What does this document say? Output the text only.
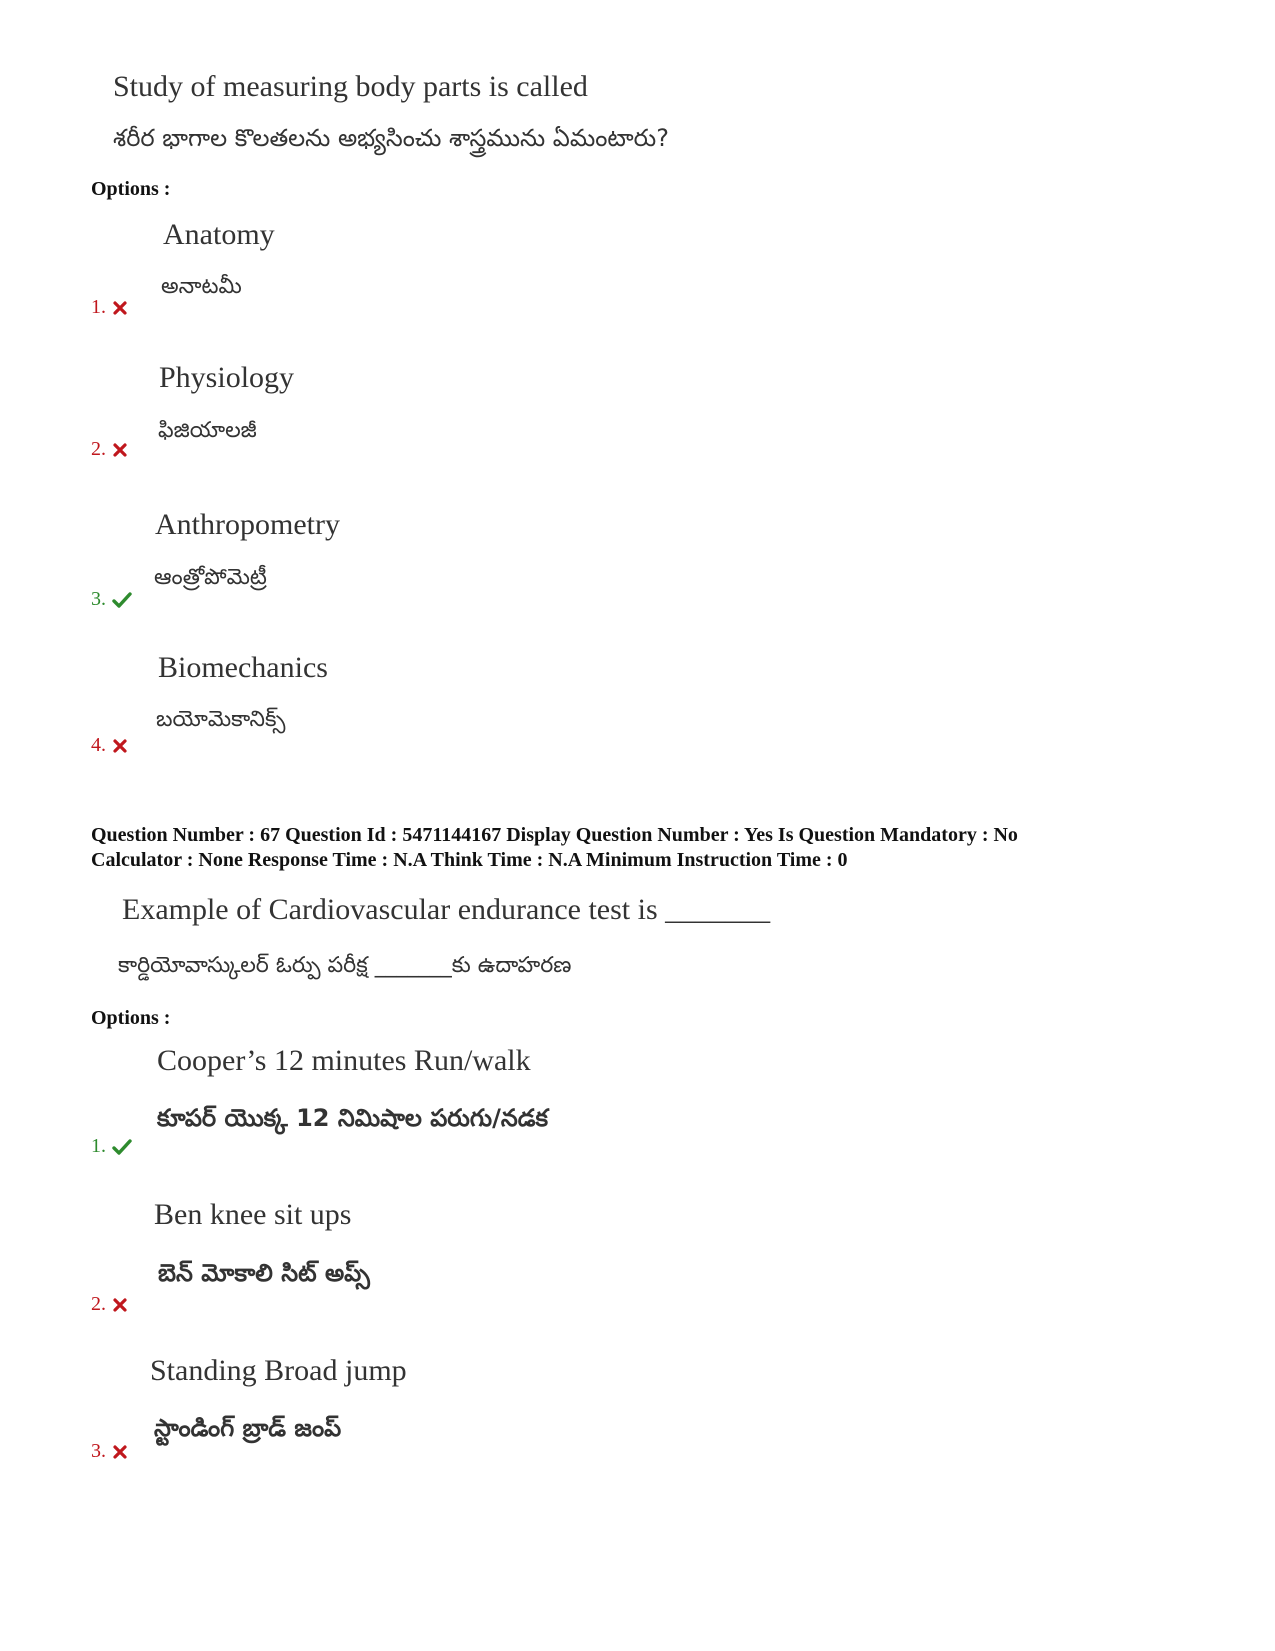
Study of measuring body parts is called
శరీర భాగాల కొలతలను అభ్యసించు శాస్త్రమును ఏమంటారు?
Options :
Anatomy
అనాటమీ
1.
Physiology
ఫిజియాలజీ
2.
Anthropometry
ఆంత్రోపోమెట్రీ
3.
Biomechanics
బయోమెకానిక్స్
4.
Question Number : 67 Question Id : 5471144167 Display Question Number : Yes Is Question Mandatory : No
Calculator : None Response Time : N.A Think Time : N.A Minimum Instruction Time : 0
Example of Cardiovascular endurance test is _______
కార్డియోవాస్కులర్ ఓర్పు పరీక్ష _______కు ఉదాహరణ
Options :
Cooper’s 12 minutes Run/walk
కూపర్ యొక్క 12 నిమిషాల పరుగు/నడక
1.
Ben knee sit ups
బెన్ మోకాలి సిట్ అప్స్
2.
Standing Broad jump
స్టాండింగ్ బ్రాడ్ జంప్
3.
